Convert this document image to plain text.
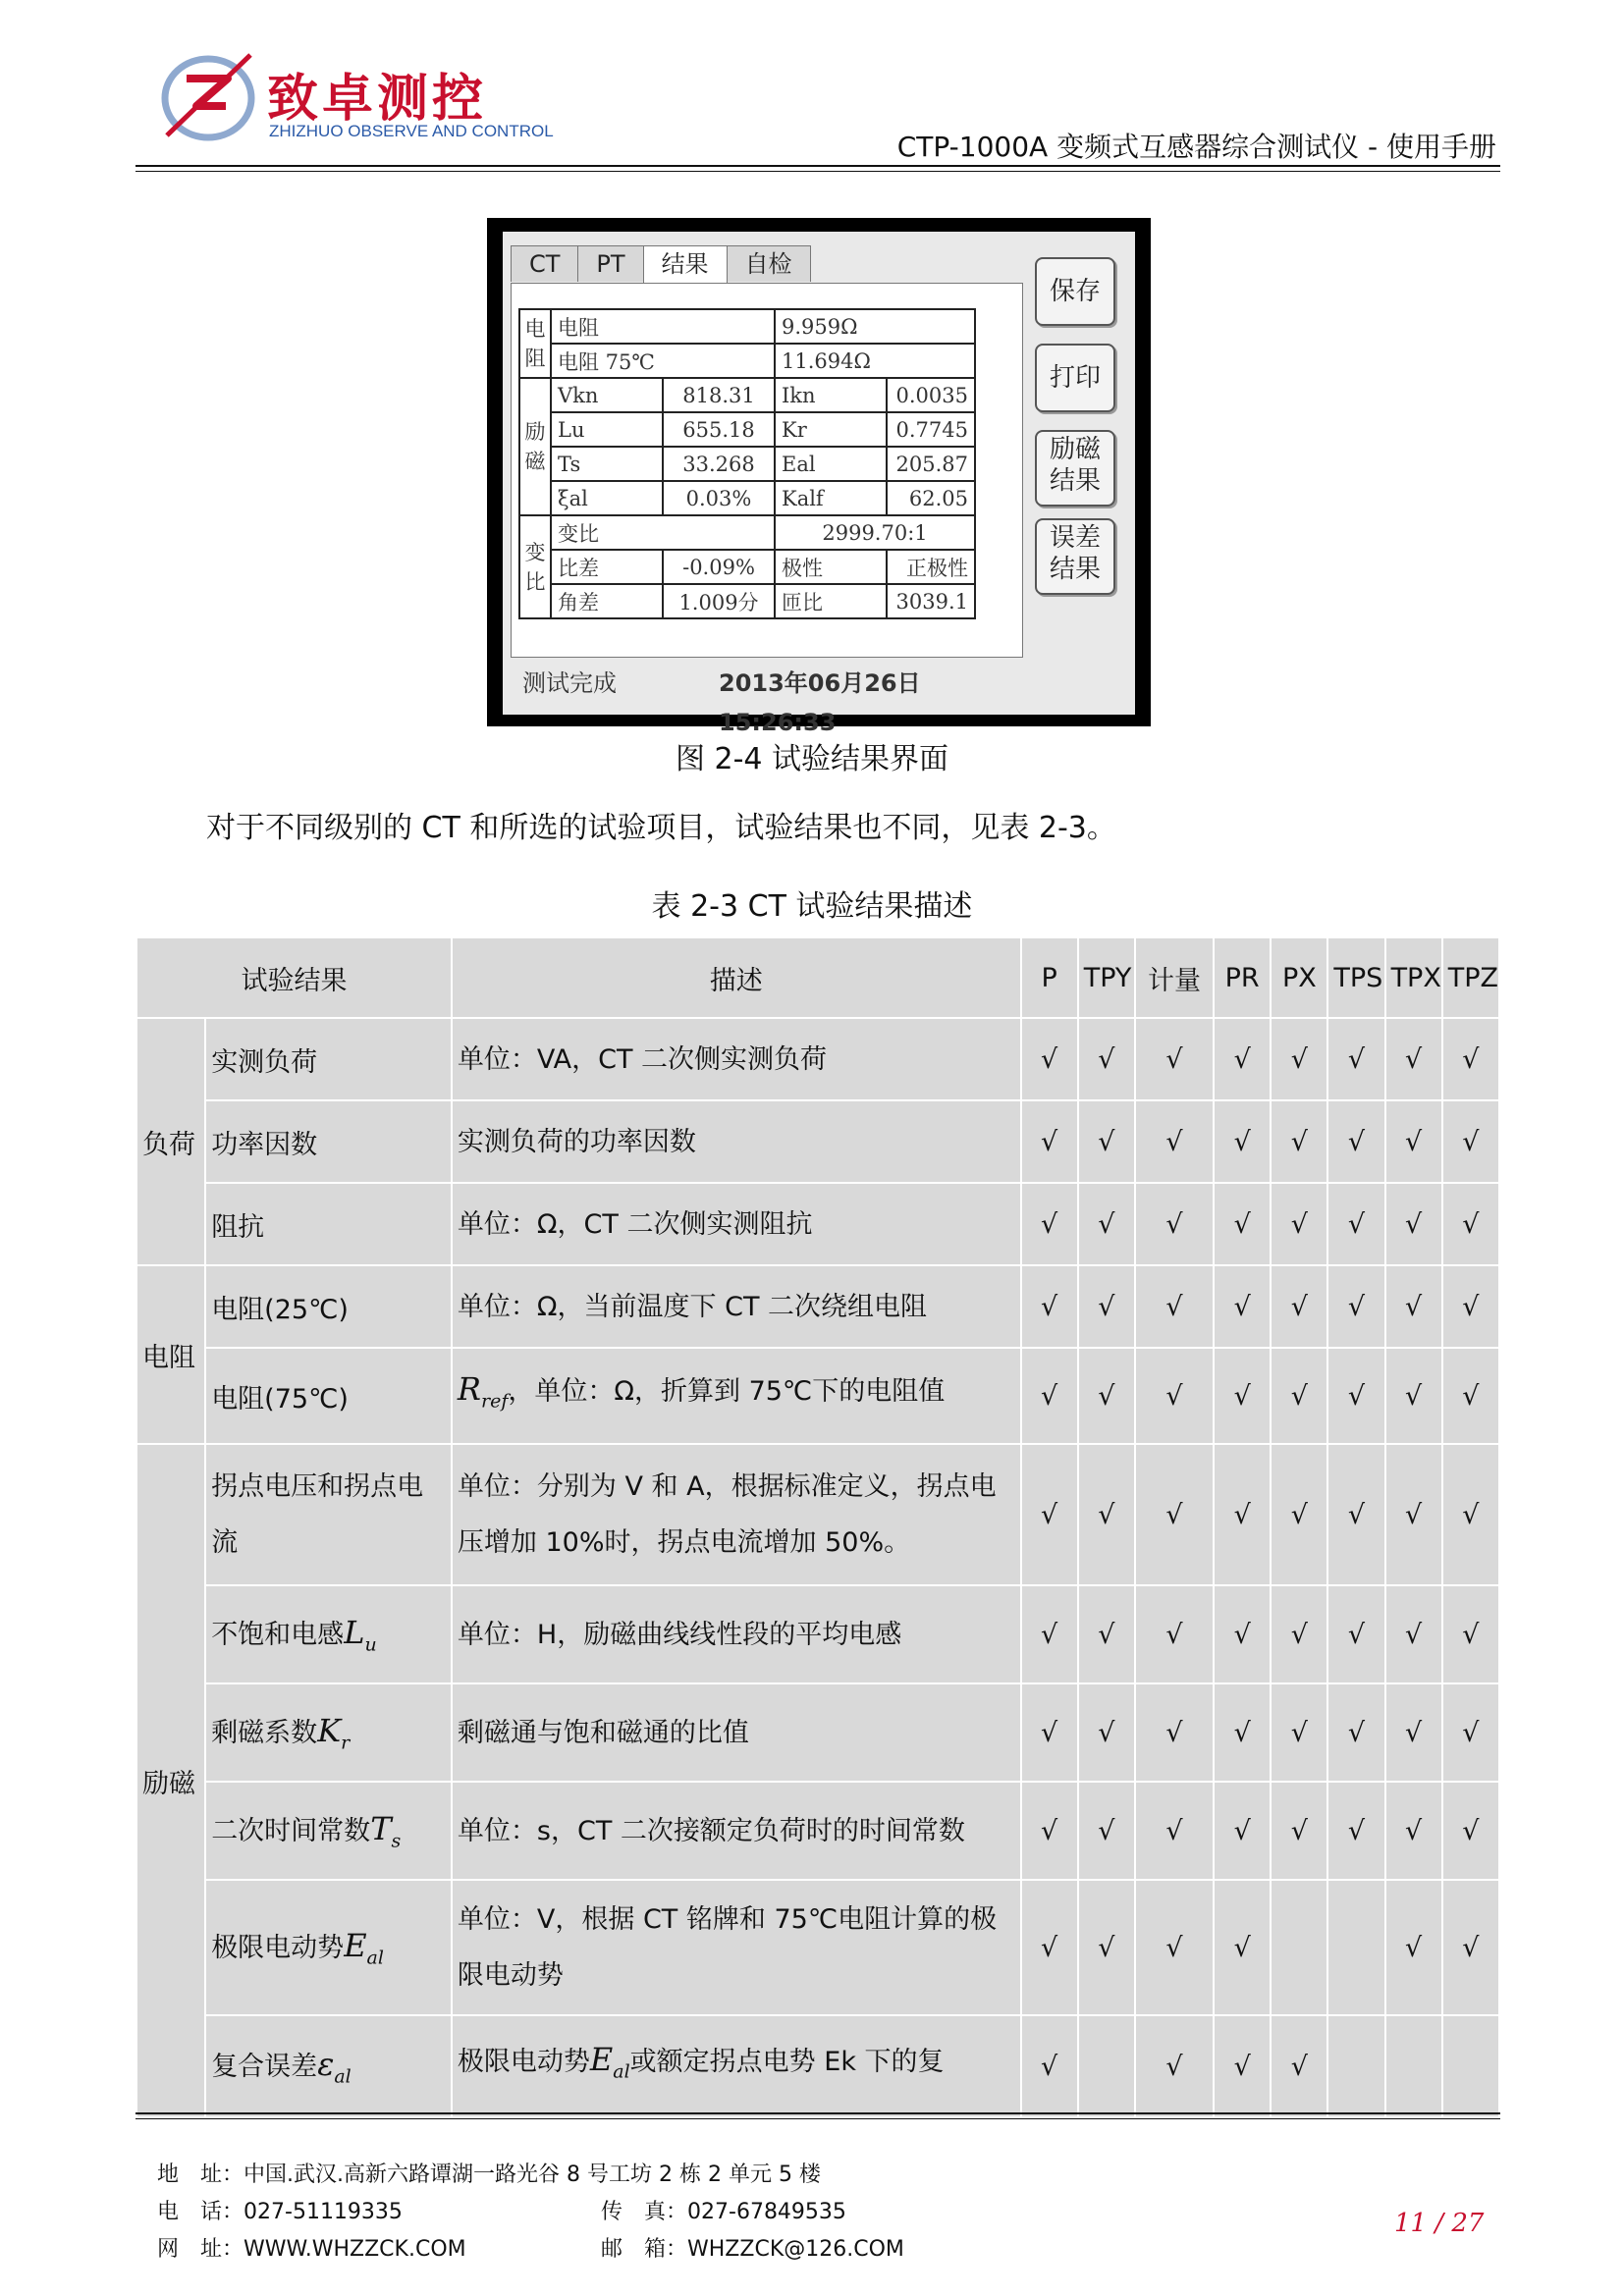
致卓测控
ZHIZHUO OBSERVE AND CONTROL	CTP-1000A 变频式互感器综合测试仪 - 使用手册
CT	PT	结果	自检
电阻	电阻		9.959Ω	
	电阻 75℃		11.694Ω	
励磁	Vkn	818.31	Ikn	0.0035
	Lu	655.18	Kr	0.7745
	Ts	33.268	Eal	205.87
	ξal	0.03%	Kalf	62.05
变比	变比		2999.70:1	
	比差	-0.09%	极性	正极性
	角差	1.009分	匝比	3039.1
保存
打印
励磁
结果
误差
结果
测试完成	2013年06月26日 15:26:33
图 2-4 试验结果界面
对于不同级别的 CT 和所选的试验项目，试验结果也不同，见表 2-3。
表 2-3 CT 试验结果描述
试验结果		描述	P	TPY	计量	PR	PX	TPS	TPX	TPZ
负荷	实测负荷	单位：VA，CT 二次侧实测负荷	√	√	√	√	√	√	√	√
	功率因数	实测负荷的功率因数	√	√	√	√	√	√	√	√
	阻抗	单位：Ω，CT 二次侧实测阻抗	√	√	√	√	√	√	√	√
电阻	电阻(25℃)	单位：Ω，当前温度下 CT 二次绕组电阻	√	√	√	√	√	√	√	√
	电阻(75℃)	$R_{ref}$，单位：Ω，折算到 75℃下的电阻值	√	√	√	√	√	√	√	√
励磁	拐点电压和拐点电流	单位：分别为 V 和 A，根据标准定义，拐点电压增加 10%时，拐点电流增加 50%。	√	√	√	√	√	√	√	√
	不饱和电感$L_u$	单位：H，励磁曲线线性段的平均电感	√	√	√	√	√	√	√	√
	剩磁系数$K_r$	剩磁通与饱和磁通的比值	√	√	√	√	√	√	√	√
	二次时间常数$T_s$	单位：s，CT 二次接额定负荷时的时间常数	√	√	√	√	√	√	√	√
	极限电动势$E_{al}$	单位：V，根据 CT 铭牌和 75℃电阻计算的极限电动势	√	√	√	√			√	√
	复合误差$\varepsilon_{al}$	极限电动势$E_{al}$或额定拐点电势 Ek 下的复	√		√	√	√			
地　址：中国.武汉.高新六路谭湖一路光谷 8 号工坊 2 栋 2 单元 5 楼
电　话：027-51119335	传　真：027-67849535
网　址：WWW.WHZZCK.COM	邮　箱：WHZZCK@126.COM
11 / 27
